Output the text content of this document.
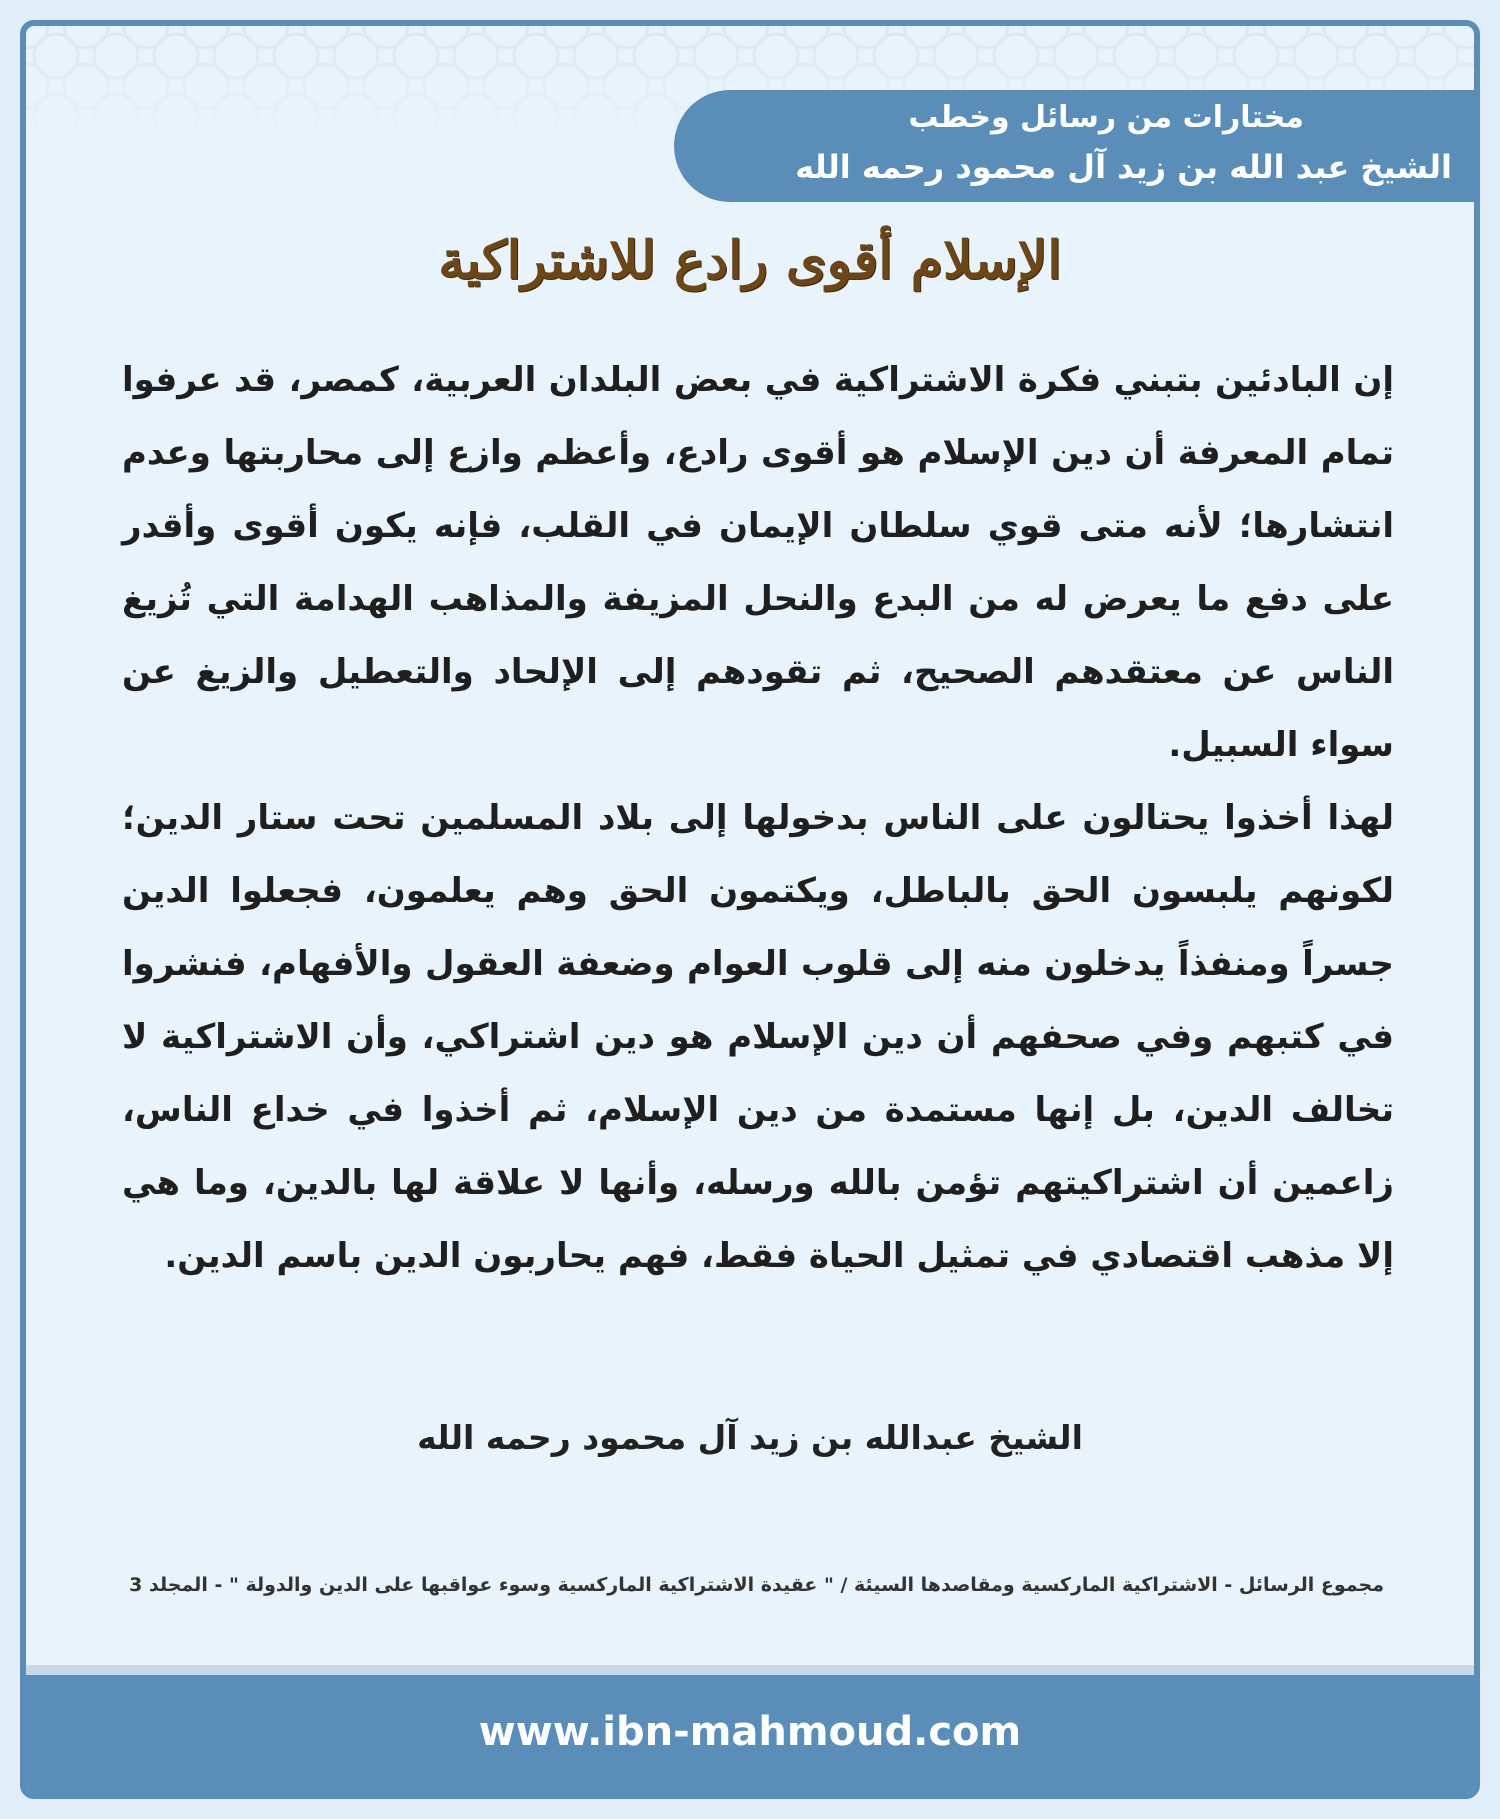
مختارات من رسائل وخطب
الشيخ عبد الله بن زيد آل محمود رحمه الله
الإسلام أقوى رادع للاشتراكية

إن البادئين بتبني فكرة الاشتراكية في بعض البلدان العربية، كمصر، قد عرفوا تمام المعرفة أن دين الإسلام هو أقوى رادع، وأعظم وازع إلى محاربتها وعدم انتشارها؛ لأنه متى قوي سلطان الإيمان في القلب، فإنه يكون أقوى وأقدر على دفع ما يعرض له من البدع والنحل المزيفة والمذاهب الهدامة التي تُزيغ الناس عن معتقدهم الصحيح، ثم تقودهم إلى الإلحاد والتعطيل والزيغ عن سواء السبيل.

لهذا أخذوا يحتالون على الناس بدخولها إلى بلاد المسلمين تحت ستار الدين؛ لكونهم يلبسون الحق بالباطل، ويكتمون الحق وهم يعلمون، فجعلوا الدين جسراً ومنفذاً يدخلون منه إلى قلوب العوام وضعفة العقول والأفهام، فنشروا في كتبهم وفي صحفهم أن دين الإسلام هو دين اشتراكي، وأن الاشتراكية لا تخالف الدين، بل إنها مستمدة من دين الإسلام، ثم أخذوا في خداع الناس، زاعمين أن اشتراكيتهم تؤمن بالله ورسله، وأنها لا علاقة لها بالدين، وما هي إلا مذهب اقتصادي في تمثيل الحياة فقط، فهم يحاربون الدين باسم الدين.

الشيخ عبدالله بن زيد آل محمود رحمه الله
مجموع الرسائل - الاشتراكية الماركسية ومقاصدها السيئة / " عقيدة الاشتراكية الماركسية وسوء عواقبها على الدين والدولة " - المجلد 3
www.ibn-mahmoud.com
